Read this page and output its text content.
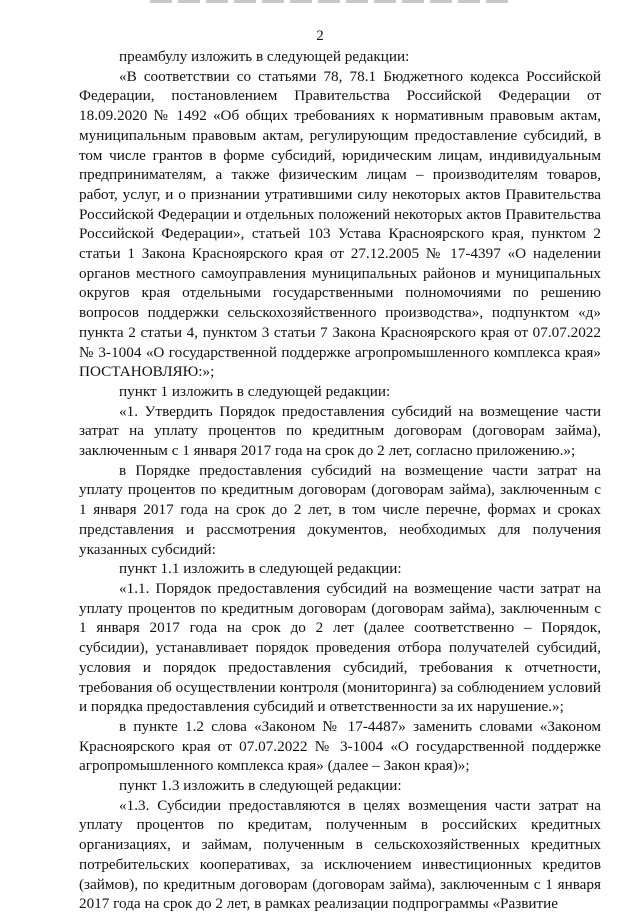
2

преамбулу изложить в следующей редакции:

«В соответствии со статьями 78, 78.1 Бюджетного кодекса Российской Федерации, постановлением Правительства Российской Федерации от 18.09.2020 № 1492 «Об общих требованиях к нормативным правовым актам, муниципальным правовым актам, регулирующим предоставление субсидий, в том числе грантов в форме субсидий, юридическим лицам, индивидуальным предпринимателям, а также физическим лицам – производителям товаров, работ, услуг, и о признании утратившими силу некоторых актов Правительства Российской Федерации и отдельных положений некоторых актов Правительства Российской Федерации», статьей 103 Устава Красноярского края, пунктом 2 статьи 1 Закона Красноярского края от 27.12.2005 № 17-4397 «О наделении органов местного самоуправления муниципальных районов и муниципальных округов края отдельными государственными полномочиями по решению вопросов поддержки сельскохозяйственного производства», подпунктом «д» пункта 2 статьи 4, пунктом 3 статьи 7 Закона Красноярского края от 07.07.2022 № 3-1004 «О государственной поддержке агропромышленного комплекса края» ПОСТАНОВЛЯЮ:»;

пункт 1 изложить в следующей редакции:

«1. Утвердить Порядок предоставления субсидий на возмещение части затрат на уплату процентов по кредитным договорам (договорам займа), заключенным с 1 января 2017 года на срок до 2 лет, согласно приложению.»;

в Порядке предоставления субсидий на возмещение части затрат на уплату процентов по кредитным договорам (договорам займа), заключенным с 1 января 2017 года на срок до 2 лет, в том числе перечне, формах и сроках представления и рассмотрения документов, необходимых для получения указанных субсидий:

пункт 1.1 изложить в следующей редакции:

«1.1. Порядок предоставления субсидий на возмещение части затрат на уплату процентов по кредитным договорам (договорам займа), заключенным с 1 января 2017 года на срок до 2 лет (далее соответственно – Порядок, субсидии), устанавливает порядок проведения отбора получателей субсидий, условия и порядок предоставления субсидий, требования к отчетности, требования об осуществлении контроля (мониторинга) за соблюдением условий и порядка предоставления субсидий и ответственности за их нарушение.»;

в пункте 1.2 слова «Законом № 17-4487» заменить словами «Законом Красноярского края от 07.07.2022 № 3-1004 «О государственной поддержке агропромышленного комплекса края» (далее – Закон края)»;

пункт 1.3 изложить в следующей редакции:

«1.3. Субсидии предоставляются в целях возмещения части затрат на уплату процентов по кредитам, полученным в российских кредитных организациях, и займам, полученным в сельскохозяйственных кредитных потребительских кооперативах, за исключением инвестиционных кредитов (займов), по кредитным договорам (договорам займа), заключенным с 1 января 2017 года на срок до 2 лет, в рамках реализации подпрограммы «Развитие
